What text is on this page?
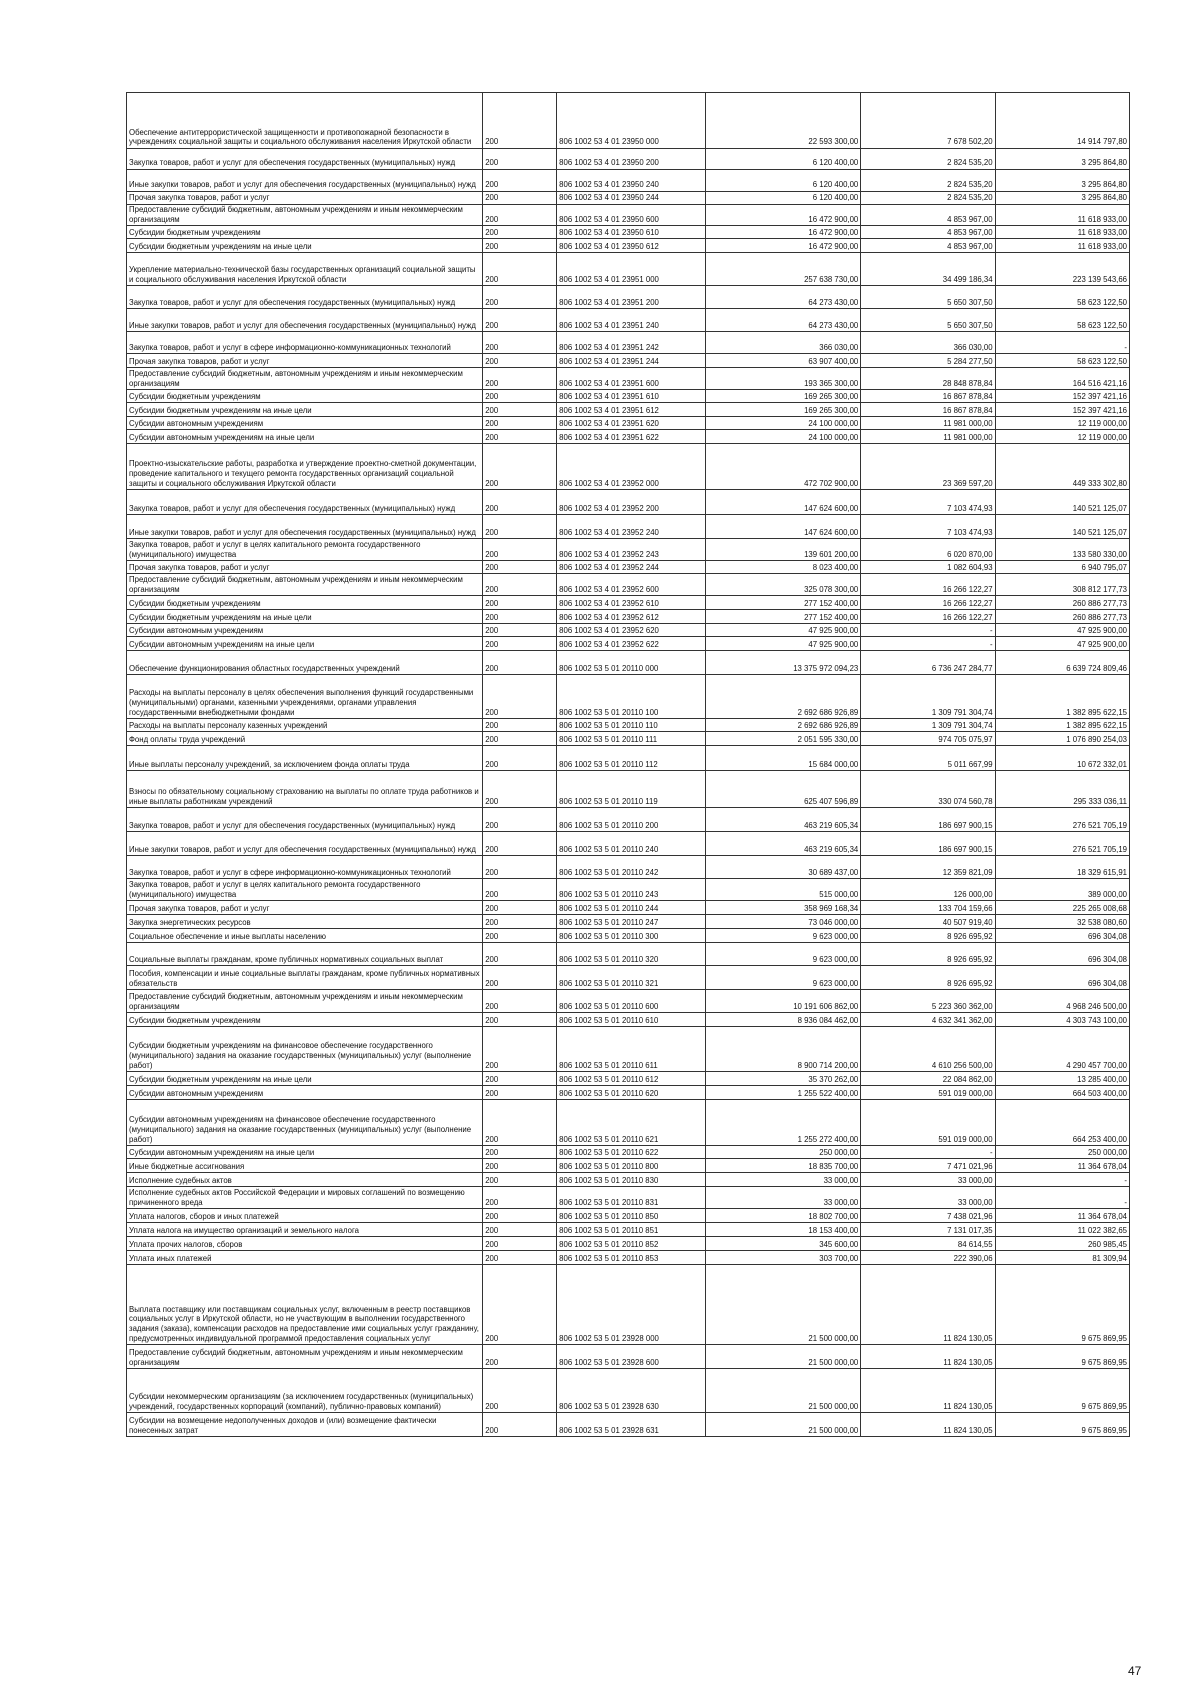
Обеспечение антитеррористической защищенности и противопожарной безопасности в учреждениях социальной защиты и социального обслуживания населения Иркутской области	200	806 1002 53 4 01 23950 000	22 593 300,00	7 678 502,20	14 914 797,80
Закупка товаров, работ и услуг для обеспечения государственных (муниципальных) нужд	200	806 1002 53 4 01 23950 200	6 120 400,00	2 824 535,20	3 295 864,80
Иные закупки товаров, работ и услуг для обеспечения государственных (муниципальных) нужд	200	806 1002 53 4 01 23950 240	6 120 400,00	2 824 535,20	3 295 864,80
Прочая закупка товаров, работ и услуг	200	806 1002 53 4 01 23950 244	6 120 400,00	2 824 535,20	3 295 864,80
Предоставление субсидий бюджетным, автономным учреждениям и иным некоммерческим организациям	200	806 1002 53 4 01 23950 600	16 472 900,00	4 853 967,00	11 618 933,00
Субсидии бюджетным учреждениям	200	806 1002 53 4 01 23950 610	16 472 900,00	4 853 967,00	11 618 933,00
Субсидии бюджетным учреждениям на иные цели	200	806 1002 53 4 01 23950 612	16 472 900,00	4 853 967,00	11 618 933,00
Укрепление материально-технической базы государственных организаций социальной защиты и социального обслуживания населения Иркутской области	200	806 1002 53 4 01 23951 000	257 638 730,00	34 499 186,34	223 139 543,66
Закупка товаров, работ и услуг для обеспечения государственных (муниципальных) нужд	200	806 1002 53 4 01 23951 200	64 273 430,00	5 650 307,50	58 623 122,50
Иные закупки товаров, работ и услуг для обеспечения государственных (муниципальных) нужд	200	806 1002 53 4 01 23951 240	64 273 430,00	5 650 307,50	58 623 122,50
Закупка товаров, работ и услуг в сфере информационно-коммуникационных технологий	200	806 1002 53 4 01 23951 242	366 030,00	366 030,00	-
Прочая закупка товаров, работ и услуг	200	806 1002 53 4 01 23951 244	63 907 400,00	5 284 277,50	58 623 122,50
Предоставление субсидий бюджетным, автономным учреждениям и иным некоммерческим организациям	200	806 1002 53 4 01 23951 600	193 365 300,00	28 848 878,84	164 516 421,16
Субсидии бюджетным учреждениям	200	806 1002 53 4 01 23951 610	169 265 300,00	16 867 878,84	152 397 421,16
Субсидии бюджетным учреждениям на иные цели	200	806 1002 53 4 01 23951 612	169 265 300,00	16 867 878,84	152 397 421,16
Субсидии автономным учреждениям	200	806 1002 53 4 01 23951 620	24 100 000,00	11 981 000,00	12 119 000,00
Субсидии автономным учреждениям на иные цели	200	806 1002 53 4 01 23951 622	24 100 000,00	11 981 000,00	12 119 000,00
Проектно-изыскательские работы, разработка и утверждение проектно-сметной документации, проведение капитального и текущего ремонта государственных организаций социальной защиты и социального обслуживания Иркутской области	200	806 1002 53 4 01 23952 000	472 702 900,00	23 369 597,20	449 333 302,80
Закупка товаров, работ и услуг для обеспечения государственных (муниципальных) нужд	200	806 1002 53 4 01 23952 200	147 624 600,00	7 103 474,93	140 521 125,07
Иные закупки товаров, работ и услуг для обеспечения государственных (муниципальных) нужд	200	806 1002 53 4 01 23952 240	147 624 600,00	7 103 474,93	140 521 125,07
Закупка товаров, работ и услуг в целях капитального ремонта государственного (муниципального) имущества	200	806 1002 53 4 01 23952 243	139 601 200,00	6 020 870,00	133 580 330,00
Прочая закупка товаров, работ и услуг	200	806 1002 53 4 01 23952 244	8 023 400,00	1 082 604,93	6 940 795,07
Предоставление субсидий бюджетным, автономным учреждениям и иным некоммерческим организациям	200	806 1002 53 4 01 23952 600	325 078 300,00	16 266 122,27	308 812 177,73
Субсидии бюджетным учреждениям	200	806 1002 53 4 01 23952 610	277 152 400,00	16 266 122,27	260 886 277,73
Субсидии бюджетным учреждениям на иные цели	200	806 1002 53 4 01 23952 612	277 152 400,00	16 266 122,27	260 886 277,73
Субсидии автономным учреждениям	200	806 1002 53 4 01 23952 620	47 925 900,00	-	47 925 900,00
Субсидии автономным учреждениям на иные цели	200	806 1002 53 4 01 23952 622	47 925 900,00	-	47 925 900,00
Обеспечение функционирования областных государственных учреждений	200	806 1002 53 5 01 20110 000	13 375 972 094,23	6 736 247 284,77	6 639 724 809,46
Расходы на выплаты персоналу в целях обеспечения выполнения функций государственными (муниципальными) органами, казенными учреждениями, органами управления государственными внебюджетными фондами	200	806 1002 53 5 01 20110 100	2 692 686 926,89	1 309 791 304,74	1 382 895 622,15
Расходы на выплаты персоналу казенных учреждений	200	806 1002 53 5 01 20110 110	2 692 686 926,89	1 309 791 304,74	1 382 895 622,15
Фонд оплаты труда учреждений	200	806 1002 53 5 01 20110 111	2 051 595 330,00	974 705 075,97	1 076 890 254,03
Иные выплаты персоналу учреждений, за исключением фонда оплаты труда	200	806 1002 53 5 01 20110 112	15 684 000,00	5 011 667,99	10 672 332,01
Взносы по обязательному социальному страхованию на выплаты по оплате труда работников и иные выплаты работникам учреждений	200	806 1002 53 5 01 20110 119	625 407 596,89	330 074 560,78	295 333 036,11
Закупка товаров, работ и услуг для обеспечения государственных (муниципальных) нужд	200	806 1002 53 5 01 20110 200	463 219 605,34	186 697 900,15	276 521 705,19
Иные закупки товаров, работ и услуг для обеспечения государственных (муниципальных) нужд	200	806 1002 53 5 01 20110 240	463 219 605,34	186 697 900,15	276 521 705,19
Закупка товаров, работ и услуг в сфере информационно-коммуникационных технологий	200	806 1002 53 5 01 20110 242	30 689 437,00	12 359 821,09	18 329 615,91
Закупка товаров, работ и услуг в целях капитального ремонта государственного (муниципального) имущества	200	806 1002 53 5 01 20110 243	515 000,00	126 000,00	389 000,00
Прочая закупка товаров, работ и услуг	200	806 1002 53 5 01 20110 244	358 969 168,34	133 704 159,66	225 265 008,68
Закупка энергетических ресурсов	200	806 1002 53 5 01 20110 247	73 046 000,00	40 507 919,40	32 538 080,60
Социальное обеспечение и иные выплаты населению	200	806 1002 53 5 01 20110 300	9 623 000,00	8 926 695,92	696 304,08
Социальные выплаты гражданам, кроме публичных нормативных социальных выплат	200	806 1002 53 5 01 20110 320	9 623 000,00	8 926 695,92	696 304,08
Пособия, компенсации и иные социальные выплаты гражданам, кроме публичных нормативных обязательств	200	806 1002 53 5 01 20110 321	9 623 000,00	8 926 695,92	696 304,08
Предоставление субсидий бюджетным, автономным учреждениям и иным некоммерческим организациям	200	806 1002 53 5 01 20110 600	10 191 606 862,00	5 223 360 362,00	4 968 246 500,00
Субсидии бюджетным учреждениям	200	806 1002 53 5 01 20110 610	8 936 084 462,00	4 632 341 362,00	4 303 743 100,00
Субсидии бюджетным учреждениям на финансовое обеспечение государственного (муниципального) задания на оказание государственных (муниципальных) услуг (выполнение работ)	200	806 1002 53 5 01 20110 611	8 900 714 200,00	4 610 256 500,00	4 290 457 700,00
Субсидии бюджетным учреждениям на иные цели	200	806 1002 53 5 01 20110 612	35 370 262,00	22 084 862,00	13 285 400,00
Субсидии автономным учреждениям	200	806 1002 53 5 01 20110 620	1 255 522 400,00	591 019 000,00	664 503 400,00
Субсидии автономным учреждениям на финансовое обеспечение государственного (муниципального) задания на оказание государственных (муниципальных) услуг (выполнение работ)	200	806 1002 53 5 01 20110 621	1 255 272 400,00	591 019 000,00	664 253 400,00
Субсидии автономным учреждениям на иные цели	200	806 1002 53 5 01 20110 622	250 000,00	-	250 000,00
Иные бюджетные ассигнования	200	806 1002 53 5 01 20110 800	18 835 700,00	7 471 021,96	11 364 678,04
Исполнение судебных актов	200	806 1002 53 5 01 20110 830	33 000,00	33 000,00	-
Исполнение судебных актов Российской Федерации и мировых соглашений по возмещению причиненного вреда	200	806 1002 53 5 01 20110 831	33 000,00	33 000,00	-
Уплата налогов, сборов и иных платежей	200	806 1002 53 5 01 20110 850	18 802 700,00	7 438 021,96	11 364 678,04
Уплата налога на имущество организаций и земельного налога	200	806 1002 53 5 01 20110 851	18 153 400,00	7 131 017,35	11 022 382,65
Уплата прочих налогов, сборов	200	806 1002 53 5 01 20110 852	345 600,00	84 614,55	260 985,45
Уплата иных платежей	200	806 1002 53 5 01 20110 853	303 700,00	222 390,06	81 309,94
Выплата поставщику или поставщикам социальных услуг, включенным в реестр поставщиков социальных услуг в Иркутской области, но не участвующим в выполнении государственного задания (заказа), компенсации расходов на предоставление ими социальных услуг гражданину, предусмотренных индивидуальной программой предоставления социальных услуг	200	806 1002 53 5 01 23928 000	21 500 000,00	11 824 130,05	9 675 869,95
Предоставление субсидий бюджетным, автономным учреждениям и иным некоммерческим организациям	200	806 1002 53 5 01 23928 600	21 500 000,00	11 824 130,05	9 675 869,95
Субсидии некоммерческим организациям (за исключением государственных (муниципальных) учреждений, государственных корпораций (компаний), публично-правовых компаний)	200	806 1002 53 5 01 23928 630	21 500 000,00	11 824 130,05	9 675 869,95
Субсидии на возмещение недополученных доходов и (или) возмещение фактически понесенных затрат	200	806 1002 53 5 01 23928 631	21 500 000,00	11 824 130,05	9 675 869,95
47
